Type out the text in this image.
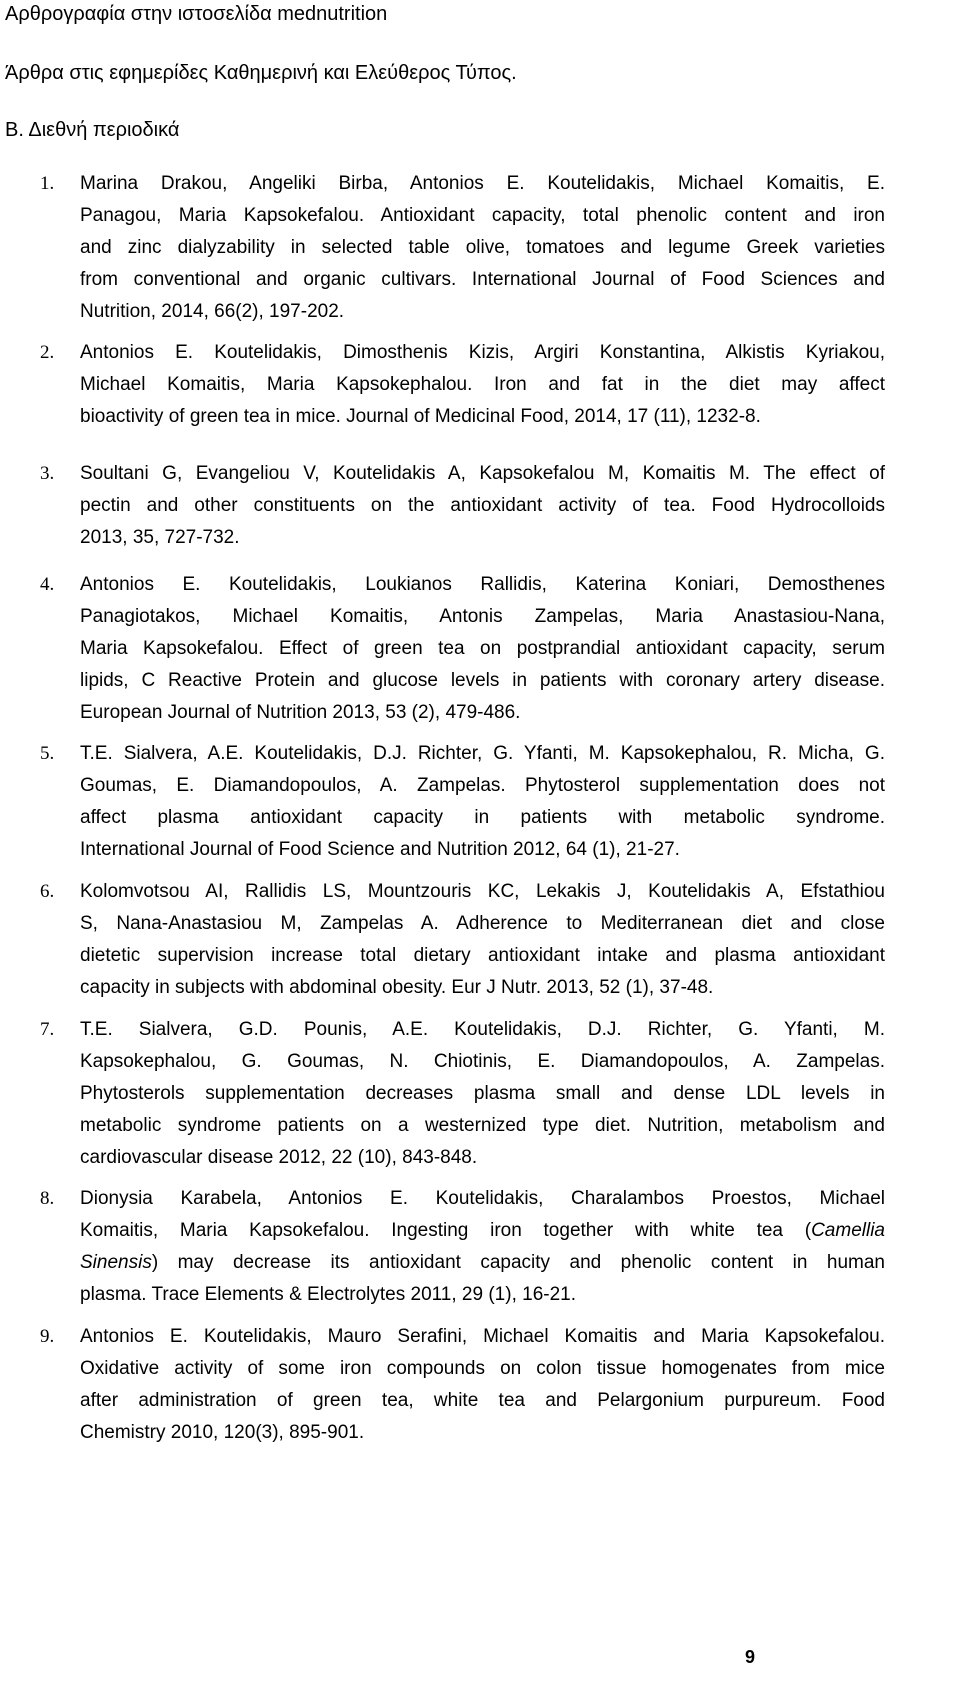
Αρθρογραφία στην ιστοσελίδα mednutrition
Άρθρα στις εφημερίδες Καθημερινή και Ελεύθερος Τύπος.
Β. Διεθνή περιοδικά
1.	Marina Drakou, Angeliki Birba, Antonios E. Koutelidakis, Michael Komaitis, E.
Panagou, Maria Kapsokefalou. Antioxidant capacity, total phenolic content and iron
and zinc dialyzability in selected table olive, tomatoes and legume Greek varieties
from conventional and organic cultivars. International Journal of Food Sciences and
Nutrition, 2014, 66(2), 197-202.
2.	Antonios E. Koutelidakis, Dimosthenis Kizis, Argiri Konstantina, Alkistis Kyriakou,
Michael Komaitis, Maria Kapsokephalou. Iron and fat in the diet may affect
bioactivity of green tea in mice. Journal of Medicinal Food, 2014, 17 (11), 1232-8.
3.	Soultani G, Evangeliou V, Koutelidakis A, Kapsokefalou M, Komaitis M. The effect of
pectin and other constituents on the antioxidant activity of tea. Food Hydrocolloids
2013, 35, 727-732.
4.	Antonios E. Koutelidakis, Loukianos Rallidis, Katerina Koniari, Demosthenes
Panagiotakos, Michael Komaitis, Antonis Zampelas, Maria Anastasiou-Nana,
Maria Kapsokefalou. Effect of green tea on postprandial antioxidant capacity, serum
lipids, C Reactive Protein and glucose levels in patients with coronary artery disease.
European Journal of Nutrition 2013, 53 (2), 479-486.
5.	T.E. Sialvera, A.E. Koutelidakis, D.J. Richter, G. Yfanti, M. Kapsokephalou, R. Micha, G.
Goumas, E. Diamandopoulos, A. Zampelas. Phytosterol supplementation does not
affect plasma antioxidant capacity in patients with metabolic syndrome.
International Journal of Food Science and Nutrition 2012, 64 (1), 21-27.
6.	Kolomvotsou AI, Rallidis LS, Mountzouris KC, Lekakis J, Koutelidakis A, Efstathiou
S, Nana-Anastasiou M, Zampelas A. Adherence to Mediterranean diet and close
dietetic supervision increase total dietary antioxidant intake and plasma antioxidant
capacity in subjects with abdominal obesity. Eur J Nutr. 2013, 52 (1), 37-48.
7.	T.E. Sialvera, G.D. Pounis, A.E. Koutelidakis, D.J. Richter, G. Yfanti, M.
Kapsokephalou, G. Goumas, N. Chiotinis, E. Diamandopoulos, A. Zampelas.
Phytosterols supplementation decreases plasma small and dense LDL levels in
metabolic syndrome patients on a westernized type diet. Nutrition, metabolism and
cardiovascular disease 2012, 22 (10), 843-848.
8.	Dionysia Karabela, Antonios E. Koutelidakis, Charalambos Proestos, Michael
Komaitis, Maria Kapsokefalou. Ingesting iron together with white tea (Camellia
Sinensis) may decrease its antioxidant capacity and phenolic content in human
plasma. Trace Elements & Electrolytes 2011, 29 (1), 16-21.
9.	Antonios E. Koutelidakis, Mauro Serafini, Michael Komaitis and Maria Kapsokefalou.
Oxidative activity of some iron compounds on colon tissue homogenates from mice
after administration of green tea, white tea and Pelargonium purpureum. Food
Chemistry 2010, 120(3), 895-901.
9
